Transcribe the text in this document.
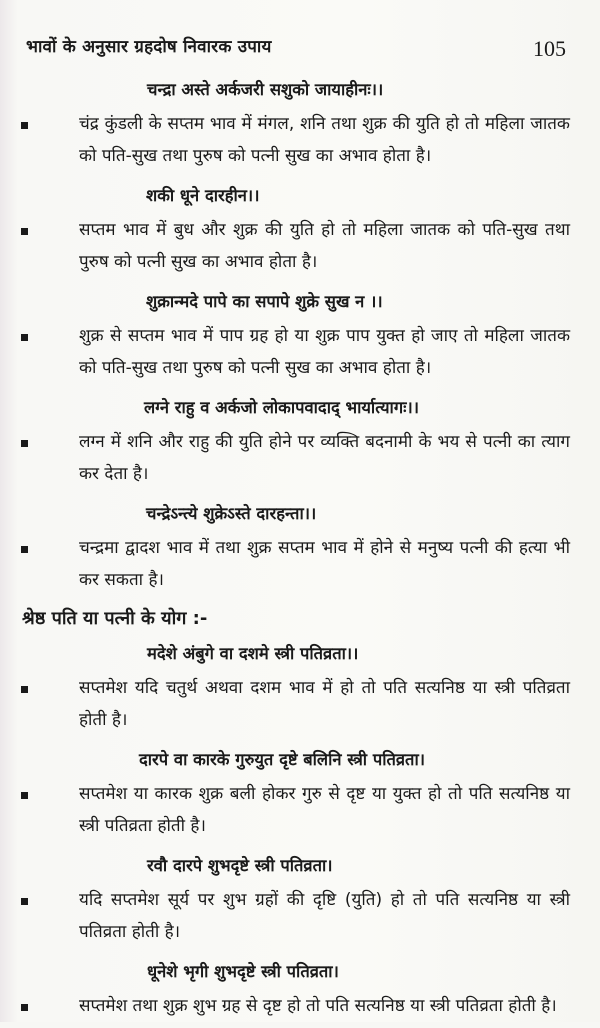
भावों के अनुसार ग्रहदोष निवारक उपाय	105
चन्द्रा अस्ते अर्कजरी सशुको जायाहीनः।।

चंद्र कुंडली के सप्तम भाव में मंगल, शनि तथा शुक्र की युति हो तो महिला जातक को पति-सुख तथा पुरुष को पत्नी सुख का अभाव होता है।

शकी धूने दारहीन।।

सप्तम भाव में बुध और शुक्र की युति हो तो महिला जातक को पति-सुख तथा पुरुष को पत्नी सुख का अभाव होता है।

शुक्रान्मदे पापे का सपापे शुक्रे सुख न ।।

शुक्र से सप्तम भाव में पाप ग्रह हो या शुक्र पाप युक्त हो जाए तो महिला जातक को पति-सुख तथा पुरुष को पत्नी सुख का अभाव होता है।

लग्ने राहु व अर्कजो लोकापवादाद् भार्यात्यागः।।

लग्न में शनि और राहु की युति होने पर व्यक्ति बदनामी के भय से पत्नी का त्याग कर देता है।

चन्द्रेऽन्त्ये शुक्रेऽस्ते दारहन्ता।।

चन्द्रमा द्वादश भाव में तथा शुक्र सप्तम भाव में होने से मनुष्य पत्नी की हत्या भी कर सकता है।

श्रेष्ठ पति या पत्नी के योग :-
मदेशे अंबुगे वा दशमे स्त्री पतिव्रता।।

सप्तमेश यदि चतुर्थ अथवा दशम भाव में हो तो पति सत्यनिष्ठ या स्त्री पतिव्रता होती है।

दारपे वा कारके गुरुयुत दृष्टे बलिनि स्त्री पतिव्रता।

सप्तमेश या कारक शुक्र बली होकर गुरु से दृष्ट या युक्त हो तो पति सत्यनिष्ठ या स्त्री पतिव्रता होती है।

रवौ दारपे शुभदृष्टे स्त्री पतिव्रता।

यदि सप्तमेश सूर्य पर शुभ ग्रहों की दृष्टि (युति) हो तो पति सत्यनिष्ठ या स्त्री पतिव्रता होती है।

धूनेशे भृगी शुभदृष्टे स्त्री पतिव्रता।

सप्तमेश तथा शुक्र शुभ ग्रह से दृष्ट हो तो पति सत्यनिष्ठ या स्त्री पतिव्रता होती है।
